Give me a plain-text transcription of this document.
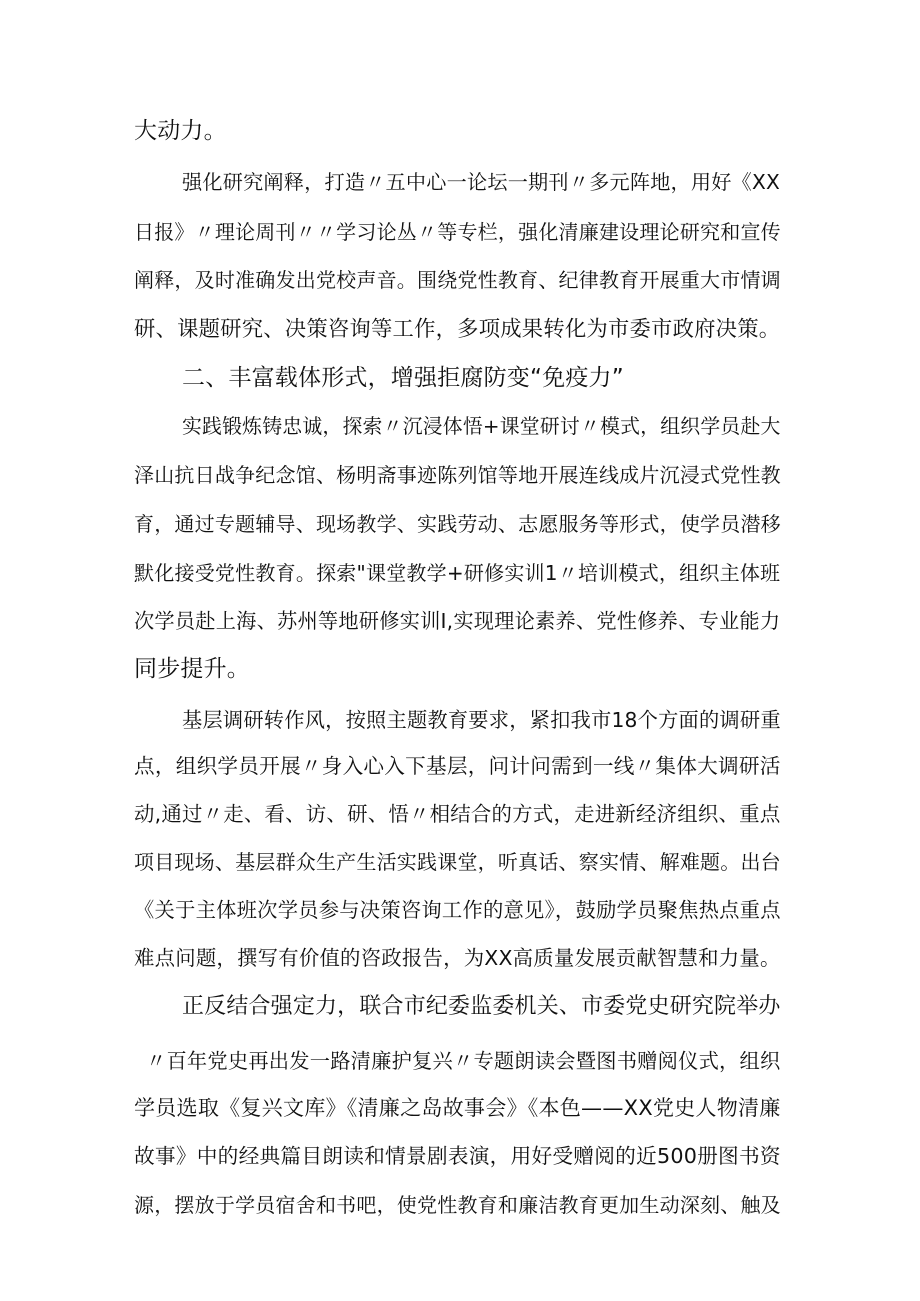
大动力。
强化研究阐释，打造〃五中心一论坛一期刊〃多元阵地，用好《XX
日报》〃理论周刊〃〃学习论丛〃等专栏，强化清廉建设理论研究和宣传
阐释，及时准确发出党校声音。围绕党性教育、纪律教育开展重大市情调
研、课题研究、决策咨询等工作，多项成果转化为市委市政府决策。
二、丰富载体形式，增强拒腐防变“免疫力”
实践锻炼铸忠诚，探索〃沉浸体悟+课堂研讨〃模式，组织学员赴大
泽山抗日战争纪念馆、杨明斋事迹陈列馆等地开展连线成片沉浸式党性教
育，通过专题辅导、现场教学、实践劳动、志愿服务等形式，使学员潜移
默化接受党性教育。探索"课堂教学+研修实训1〃培训模式，组织主体班
次学员赴上海、苏州等地研修实训I,实现理论素养、党性修养、专业能力
同步提升。
基层调研转作风，按照主题教育要求，紧扣我市18个方面的调研重
点，组织学员开展〃身入心入下基层，问计问需到一线〃集体大调研活
动,通过〃走、看、访、研、悟〃相结合的方式，走进新经济组织、重点
项目现场、基层群众生产生活实践课堂，听真话、察实情、解难题。出台
《关于主体班次学员参与决策咨询工作的意见》，鼓励学员聚焦热点重点
难点问题，撰写有价值的咨政报告，为XX高质量发展贡献智慧和力量。
正反结合强定力，联合市纪委监委机关、市委党史研究院举办
〃百年党史再出发一路清廉护复兴〃专题朗读会暨图书赠阅仪式，组织
学员选取《复兴文库》《清廉之岛故事会》《本色——XX党史人物清廉
故事》中的经典篇目朗读和情景剧表演，用好受赠阅的近500册图书资
源，摆放于学员宿舍和书吧，使党性教育和廉洁教育更加生动深刻、触及
